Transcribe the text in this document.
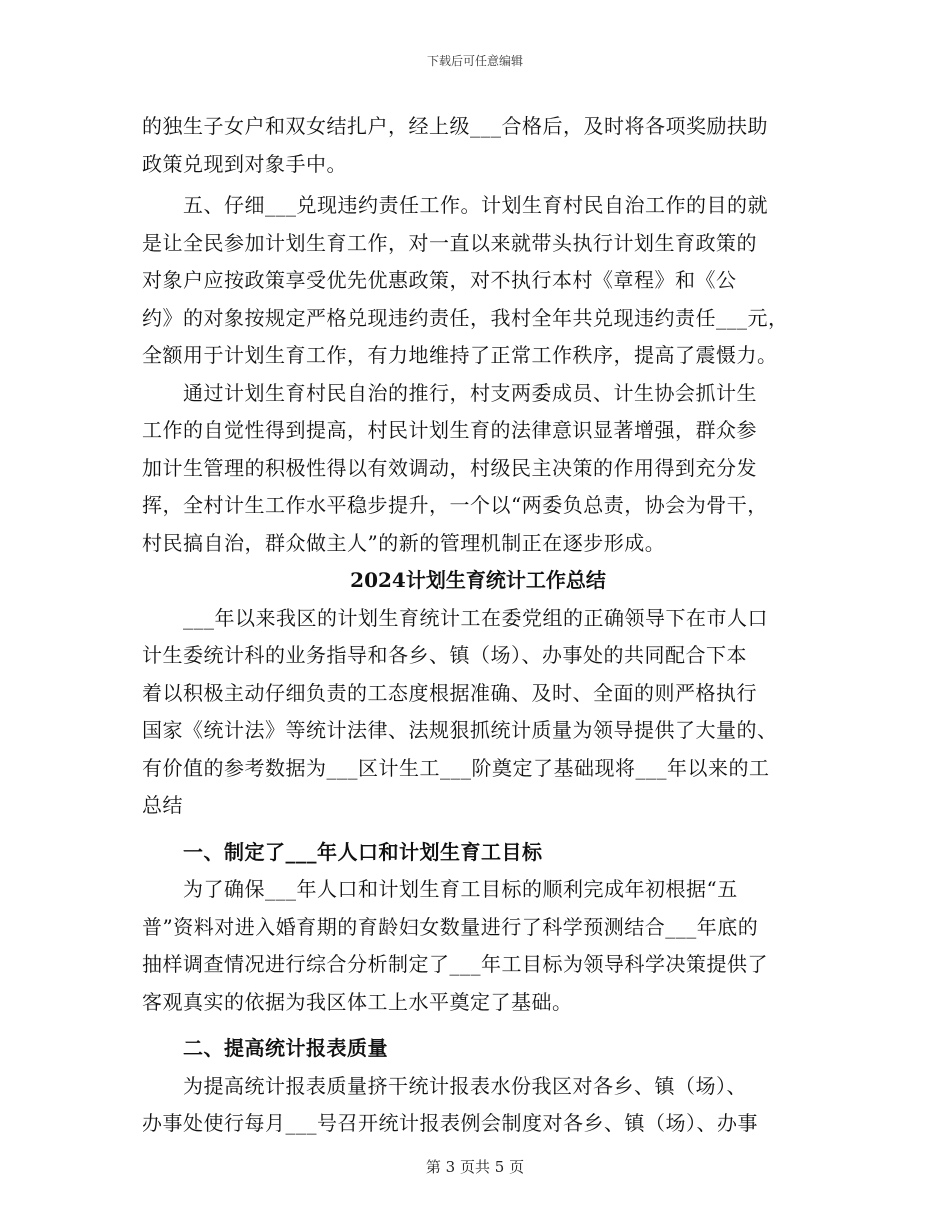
下载后可任意编辑
的独生子女户和双女结扎户，经上级___合格后，及时将各项奖励扶助
政策兑现到对象手中。
　　五、仔细___兑现违约责任工作。计划生育村民自治工作的目的就
是让全民参加计划生育工作，对一直以来就带头执行计划生育政策的
对象户应按政策享受优先优惠政策，对不执行本村《章程》和《公
约》的对象按规定严格兑现违约责任，我村全年共兑现违约责任___元，
全额用于计划生育工作，有力地维持了正常工作秩序，提高了震慑力。
　　通过计划生育村民自治的推行，村支两委成员、计生协会抓计生
工作的自觉性得到提高，村民计划生育的法律意识显著增强，群众参
加计生管理的积极性得以有效调动，村级民主决策的作用得到充分发
挥，全村计生工作水平稳步提升，一个以“两委负总责，协会为骨干，
村民搞自治，群众做主人”的新的管理机制正在逐步形成。
2024计划生育统计工作总结
　　___年以来我区的计划生育统计工在委党组的正确领导下在市人口
计生委统计科的业务指导和各乡、镇（场）、办事处的共同配合下本
着以积极主动仔细负责的工态度根据准确、及时、全面的则严格执行
国家《统计法》等统计法律、法规狠抓统计质量为领导提供了大量的、
有价值的参考数据为___区计生工___阶奠定了基础现将___年以来的工
总结
　　一、制定了___年人口和计划生育工目标
　　为了确保___年人口和计划生育工目标的顺利完成年初根据“五
普”资料对进入婚育期的育龄妇女数量进行了科学预测结合___年底的
抽样调查情况进行综合分析制定了___年工目标为领导科学决策提供了
客观真实的依据为我区体工上水平奠定了基础。
　　二、提高统计报表质量
　　为提高统计报表质量挤干统计报表水份我区对各乡、镇（场）、
办事处使行每月___号召开统计报表例会制度对各乡、镇（场）、办事
第 3 页共 5 页
